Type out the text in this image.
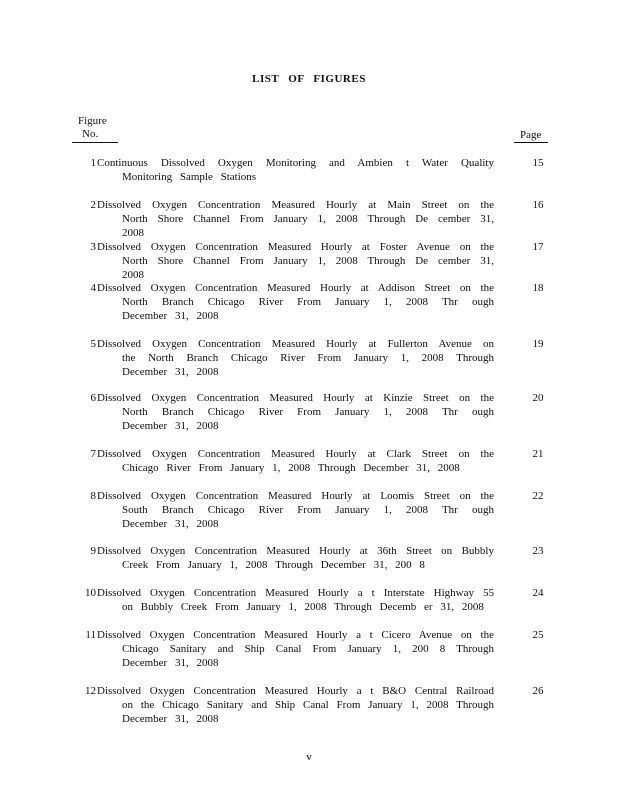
LIST OF FIGURES
Figure
No.	Page
1 Continuous Dissolved Oxygen Monitoring and Ambien t Water Quality
Monitoring Sample Stations
15
2 Dissolved Oxygen Concentration Measured Hourly at Main Street on the
North Shore Channel From January 1, 2008 Through De cember 31, 2008
16
3 Dissolved Oxygen Concentration Measured Hourly at Foster Avenue on the
North Shore Channel From January 1, 2008 Through De cember 31, 2008
17
4 Dissolved Oxygen Concentration Measured Hourly at Addison Street on the
North Branch Chicago River From January 1, 2008 Thr ough
December 31, 2008
18
5 Dissolved Oxygen Concentration Measured Hourly at Fullerton Avenue on
the North Branch Chicago River From January 1, 2008 Through
December 31, 2008
19
6 Dissolved Oxygen Concentration Measured Hourly at Kinzie Street on the
North Branch Chicago River From January 1, 2008 Thr ough
December 31, 2008
20
7 Dissolved Oxygen Concentration Measured Hourly at Clark Street on the
Chicago River From January 1, 2008 Through December 31, 2008
21
8 Dissolved Oxygen Concentration Measured Hourly at Loomis Street on the
South Branch Chicago River From January 1, 2008 Thr ough
December 31, 2008
22
9 Dissolved Oxygen Concentration Measured Hourly at 36th Street on Bubbly
Creek From January 1, 2008 Through December 31, 200 8
23
10 Dissolved Oxygen Concentration Measured Hourly a t Interstate Highway 55
on Bubbly Creek From January 1, 2008 Through Decemb er 31, 2008
24
11 Dissolved Oxygen Concentration Measured Hourly a t Cicero Avenue on the
Chicago Sanitary and Ship Canal From January 1, 200 8 Through
December 31, 2008
25
12 Dissolved Oxygen Concentration Measured Hourly a t B&O Central Railroad
on the Chicago Sanitary and Ship Canal From January 1, 2008 Through
December 31, 2008
26
v
